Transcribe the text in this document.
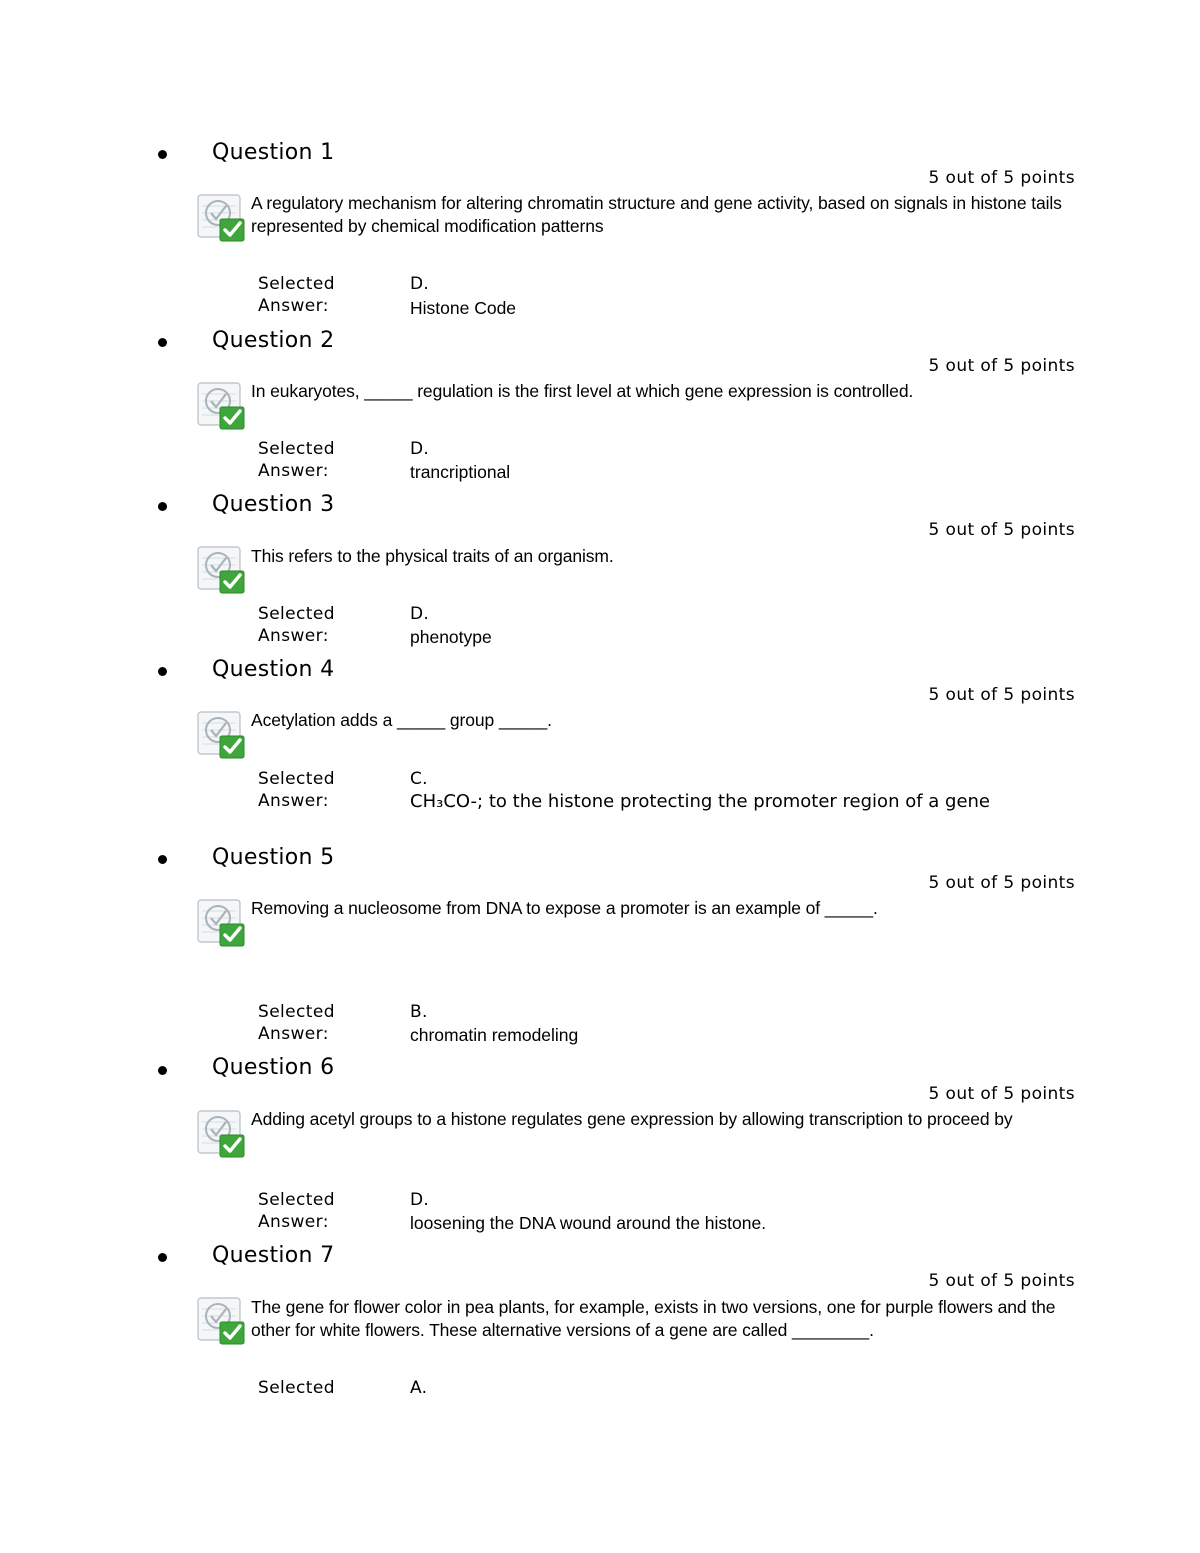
Question 1
5 out of 5 points
A regulatory mechanism for altering chromatin structure and gene activity, based on signals in histone tails represented by chemical modification patterns
Selected
Answer:
D.
Histone Code
Question 2
5 out of 5 points
In eukaryotes, _____ regulation is the first level at which gene expression is controlled.
Selected
Answer:
D.
trancriptional
Question 3
5 out of 5 points
This refers to the physical traits of an organism.
Selected
Answer:
D.
phenotype
Question 4
5 out of 5 points
Acetylation adds a _____ group _____.
Selected
Answer:
C.
CH₃CO-; to the histone protecting the promoter region of a gene
Question 5
5 out of 5 points
Removing a nucleosome from DNA to expose a promoter is an example of _____.
Selected
Answer:
B.
chromatin remodeling
Question 6
5 out of 5 points
Adding acetyl groups to a histone regulates gene expression by allowing transcription to proceed by
Selected
Answer:
D.
loosening the DNA wound around the histone.
Question 7
5 out of 5 points
The gene for flower color in pea plants, for example, exists in two versions, one for purple flowers and the other for white flowers. These alternative versions of a gene are called ________.
Selected	A.
